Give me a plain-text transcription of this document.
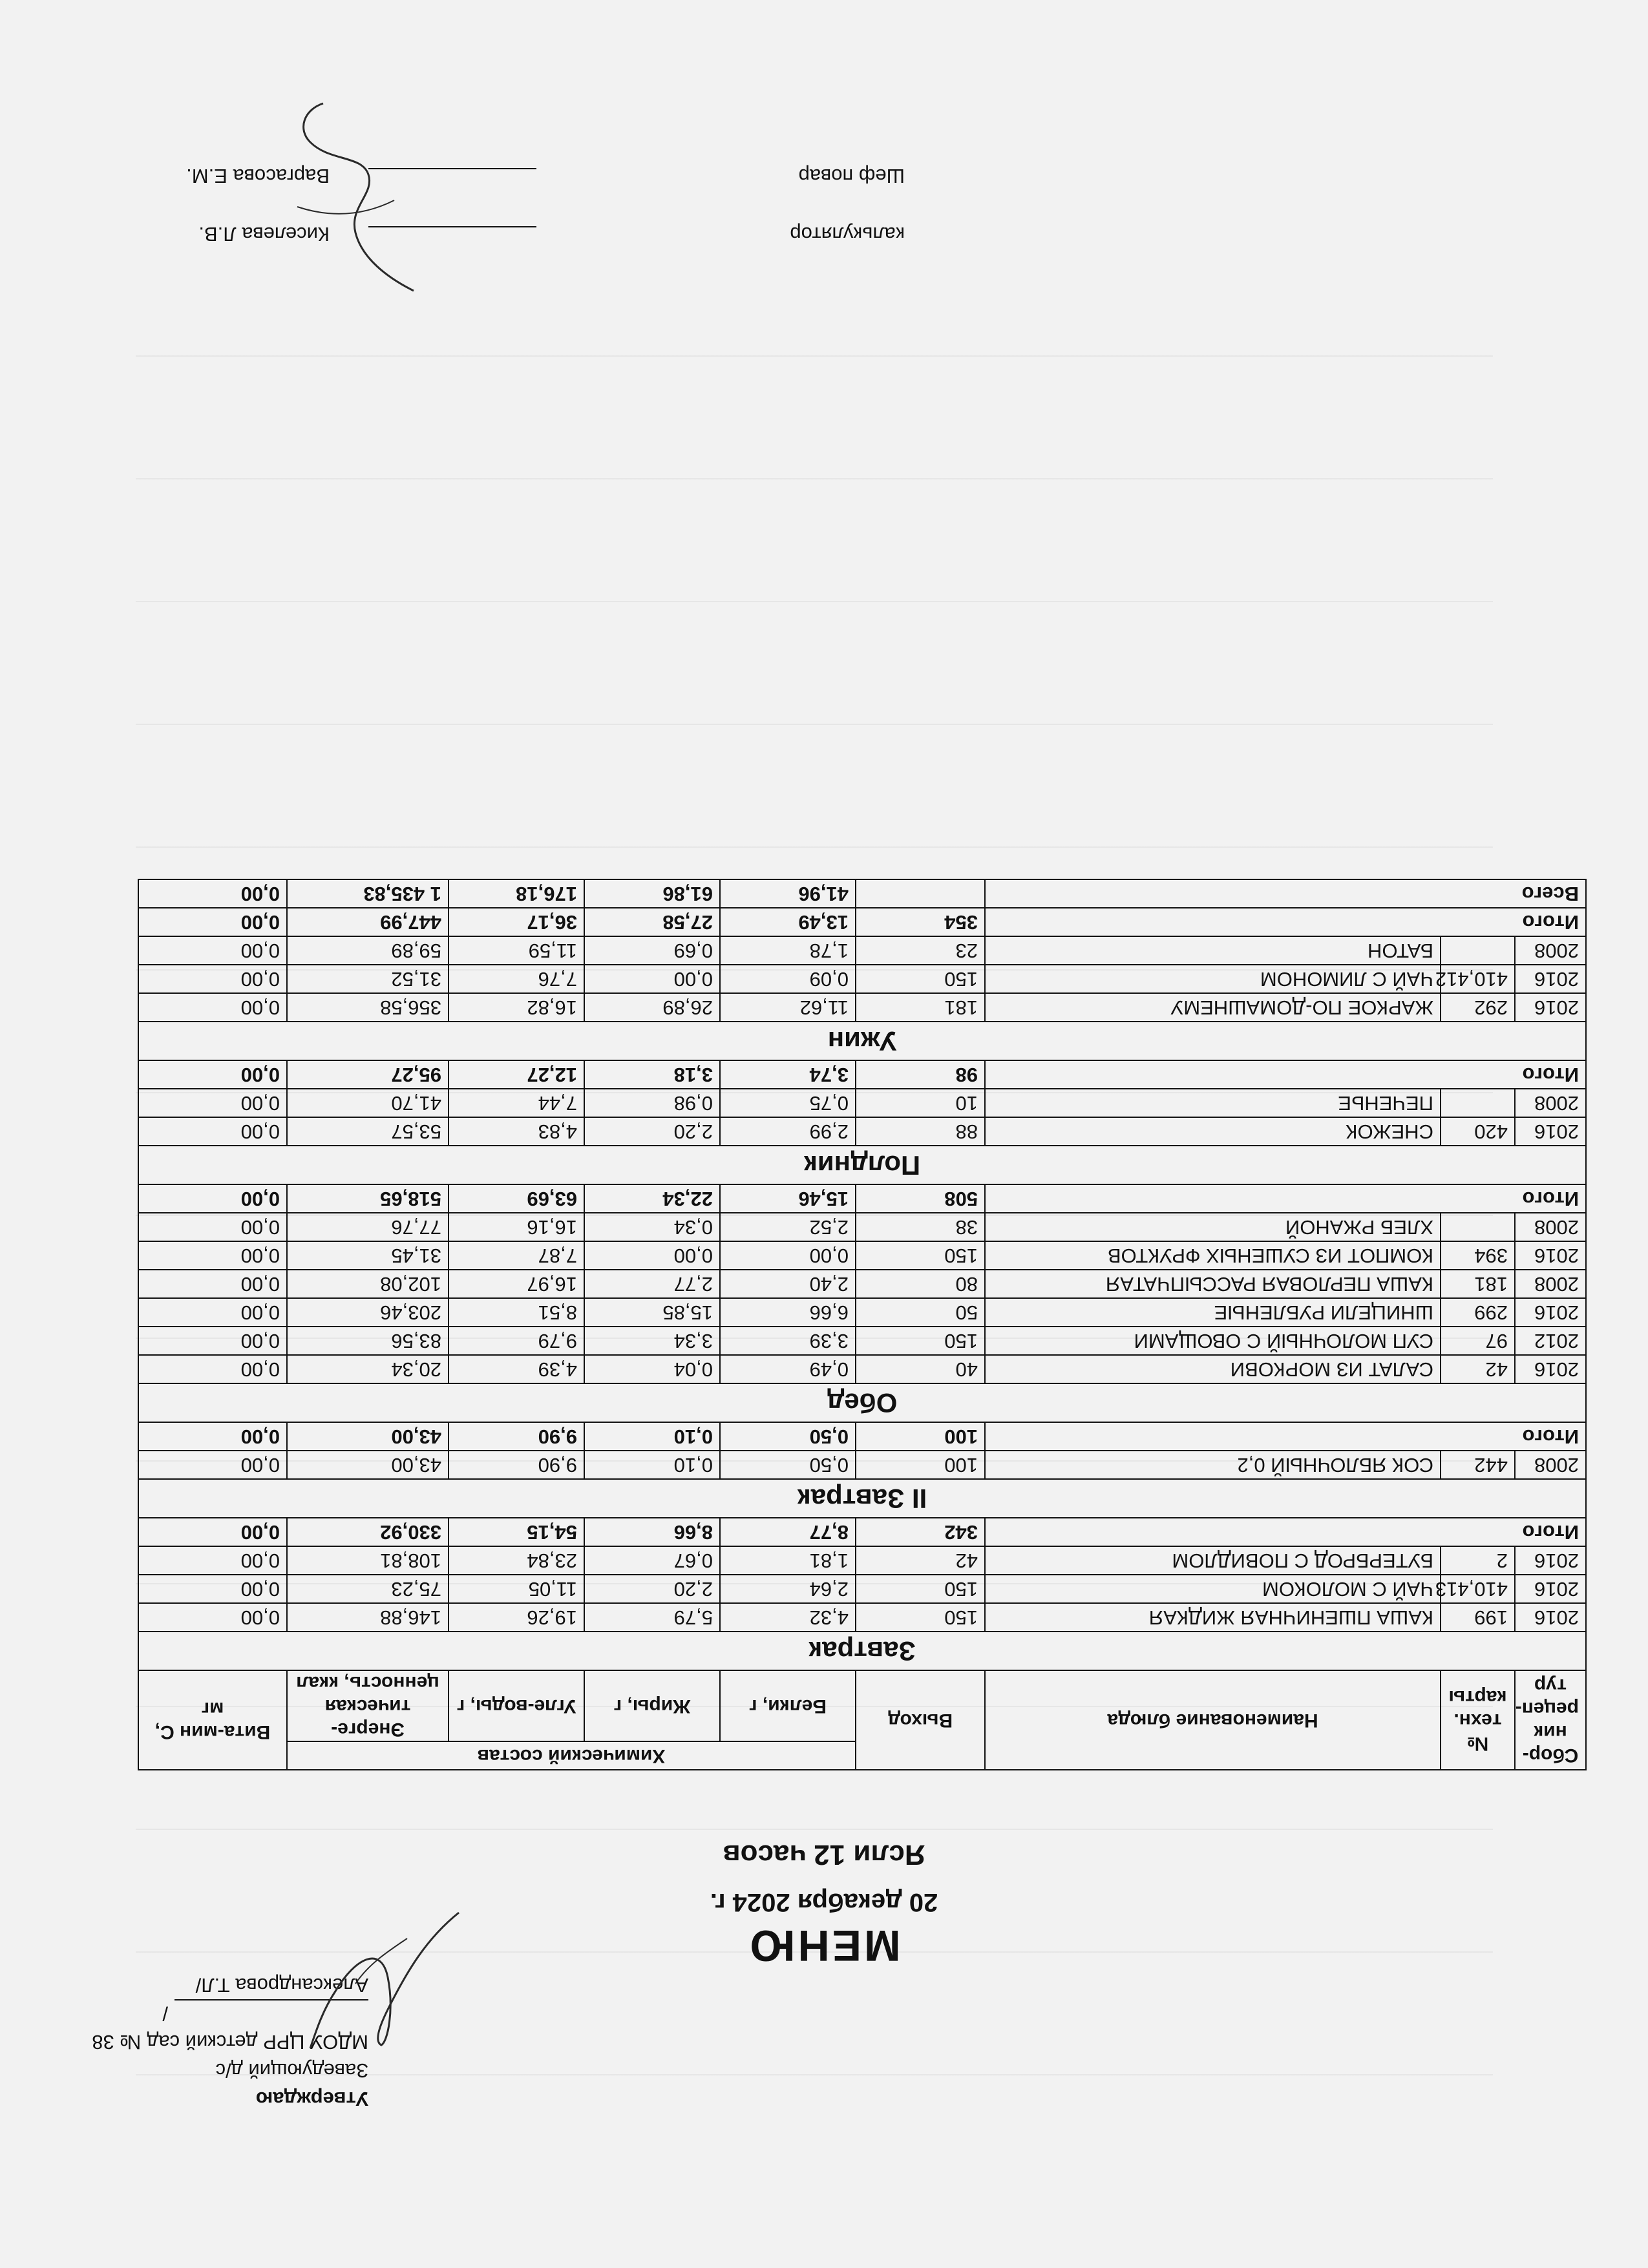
Утверждаю
Заведующий д/с
МДОУ ЦРР детский сад № 38
/Александрова Т.Л/
МЕНЮ
20 декабря 2024 г.
Ясли 12 часов
Сбор-ник рецеп-тур	№ техн. карты	Наименование блюда	Выход	Химический состав				Вита-мин С, мг
				Белки, г	Жиры, г	Угле-воды, г	Энерге-тическая ценность, ккал	
Завтрак								
2016	199	КАША ПШЕНИЧНАЯ ЖИДКАЯ	150	4,32	5,79	19,26	146,88	0,00
2016	410,413	ЧАЙ С МОЛОКОМ	150	2,64	2,20	11,05	75,23	0,00
2016	2	БУТЕРБРОД С ПОВИДЛОМ	42	1,81	0,67	23,84	108,81	0,00
Итого			342	8,77	8,66	54,15	330,92	0,00
II Завтрак								
2008	442	СОК ЯБЛОЧНЫЙ 0,2	100	0,50	0,10	9,90	43,00	0,00
Итого			100	0,50	0,10	9,90	43,00	0,00
Обед								
2016	42	САЛАТ ИЗ МОРКОВИ	40	0,49	0,04	4,39	20,34	0,00
2012	97	СУП МОЛОЧНЫЙ С ОВОЩАМИ	150	3,39	3,34	9,79	83,56	0,00
2016	299	ШНИЦЕЛИ РУБЛЕНЫЕ	50	6,66	15,85	8,51	203,46	0,00
2008	181	КАША ПЕРЛОВАЯ РАССЫПЧАТАЯ	80	2,40	2,77	16,97	102,08	0,00
2016	394	КОМПОТ ИЗ СУШЕНЫХ ФРУКТОВ	150	0,00	0,00	7,87	31,45	0,00
2008		ХЛЕБ РЖАНОЙ	38	2,52	0,34	16,16	77,76	0,00
Итого			508	15,46	22,34	63,69	518,65	0,00
Полдник								
2016	420	СНЕЖОК	88	2,99	2,20	4,83	53,57	0,00
2008		ПЕЧЕНЬЕ	10	0,75	0,98	7,44	41,70	0,00
Итого			98	3,74	3,18	12,27	95,27	0,00
Ужин								
2016	292	ЖАРКОЕ ПО-ДОМАШНЕМУ	181	11,62	26,89	16,82	356,58	0,00
2016	410,412	ЧАЙ С ЛИМОНОМ	150	0,09	0,00	7,76	31,52	0,00
2008		БАТОН	23	1,78	0,69	11,59	59,89	0,00
Итого			354	13,49	27,58	36,17	447,99	0,00
Всего				41,96	61,86	176,18	1 435,83	0,00
калькулятор
Киселева Л.В.
Шеф повар
Варгасова Е.М.
